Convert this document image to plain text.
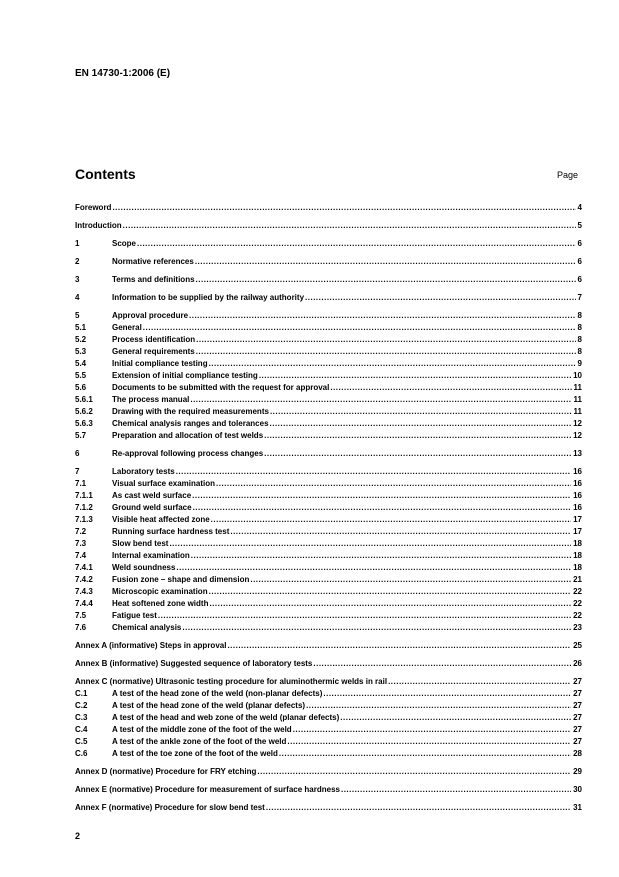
EN 14730-1:2006 (E)
Contents	Page
Foreword .....	4
Introduction .....	5
1	Scope .....	6
2	Normative references .....	6
3	Terms and definitions .....	6
4	Information to be supplied by the railway authority .....	7
5	Approval procedure .....	8
5.1	General .....	8
5.2	Process identification .....	8
5.3	General requirements .....	8
5.4	Initial compliance testing .....	9
5.5	Extension of initial compliance testing .....	10
5.6	Documents to be submitted with the request for approval .....	11
5.6.1	The process manual .....	11
5.6.2	Drawing with the required measurements .....	11
5.6.3	Chemical analysis ranges and tolerances .....	12
5.7	Preparation and allocation of test welds .....	12
6	Re-approval following process changes .....	13
7	Laboratory tests .....	16
7.1	Visual surface examination .....	16
7.1.1	As cast weld surface .....	16
7.1.2	Ground weld surface .....	16
7.1.3	Visible heat affected zone .....	17
7.2	Running surface hardness test .....	17
7.3	Slow bend test .....	18
7.4	Internal examination .....	18
7.4.1	Weld soundness .....	18
7.4.2	Fusion zone – shape and dimension .....	21
7.4.3	Microscopic examination .....	22
7.4.4	Heat softened zone width .....	22
7.5	Fatigue test .....	22
7.6	Chemical analysis .....	23
Annex A (informative) Steps in approval .....	25
Annex B (informative) Suggested sequence of laboratory tests .....	26
Annex C (normative) Ultrasonic testing procedure for aluminothermic welds in rail .....	27
C.1	A test of the head zone of the weld (non-planar defects) .....	27
C.2	A test of the head zone of the weld (planar defects) .....	27
C.3	A test of the head and web zone of the weld (planar defects) .....	27
C.4	A test of the middle zone of the foot of the weld .....	27
C.5	A test of the ankle zone of the foot of the weld .....	27
C.6	A test of the toe zone of the foot of the weld .....	28
Annex D (normative) Procedure for FRY etching .....	29
Annex E (normative) Procedure for measurement of surface hardness .....	30
Annex F (normative) Procedure for slow bend test .....	31
2
